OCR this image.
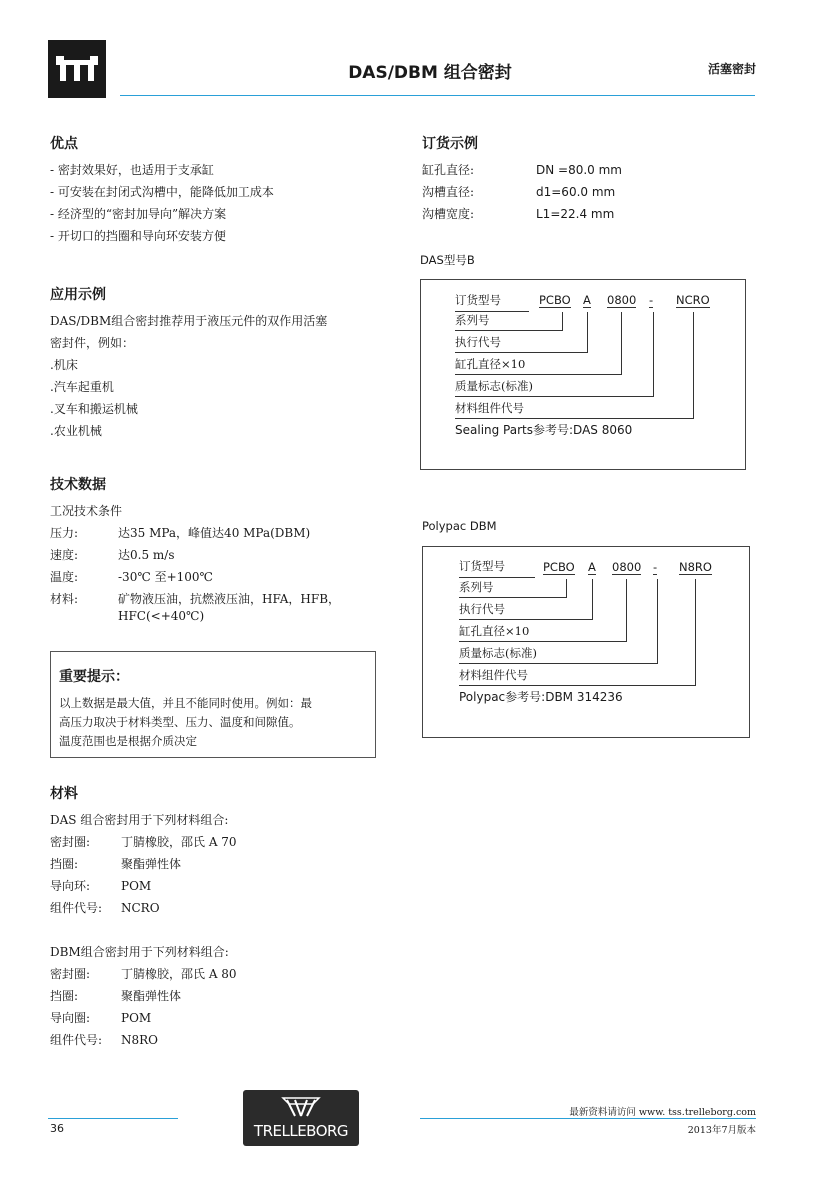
DAS/DBM 组合密封	活塞密封
优点
- 密封效果好，也适用于支承缸
- 可安装在封闭式沟槽中，能降低加工成本
- 经济型的“密封加导向”解决方案
- 开切口的挡圈和导向环安装方便
应用示例
DAS/DBM组合密封推荐用于液压元件的双作用活塞
密封件，例如：
.机床
.汽车起重机
.叉车和搬运机械
.农业机械
技术数据
工况技术条件
压力:	达35 MPa，峰值达40 MPa(DBM)
速度:	达0.5 m/s
温度:	-30℃ 至+100℃
材料:	矿物液压油，抗燃液压油，HFA，HFB，
HFC(<+40℃)
重要提示：
以上数据是最大值，并且不能同时使用。例如：最
高压力取决于材料类型、压力、温度和间隙值。
温度范围也是根据介质决定
材料
DAS 组合密封用于下列材料组合:
密封圈:	丁腈橡胶，邵氏 A 70
挡圈:	聚酯弹性体
导向环:	POM
组件代号:	NCRO
DBM组合密封用于下列材料组合:
密封圈:	丁腈橡胶，邵氏 A 80
挡圈:	聚酯弹性体
导向圈:	POM
组件代号:	N8RO
订货示例
缸孔直径:	DN =80.0 mm
沟槽直径:	d1=60.0 mm
沟槽宽度:	L1=22.4 mm
DAS型号B
订货型号	PCBO A 0800 - NCRO
系列号
执行代号
缸孔直径×10
质量标志(标准)
材料组件代号
Sealing Parts参考号:DAS 8060
Polypac DBM
订货型号	PCBO A 0800 - N8RO
系列号
执行代号
缸孔直径×10
质量标志(标准)
材料组件代号
Polypac参考号:DBM 314236
36	TRELLEBORG
最新资料请访问 www. tss.trelleborg.com
2013年7月版本
